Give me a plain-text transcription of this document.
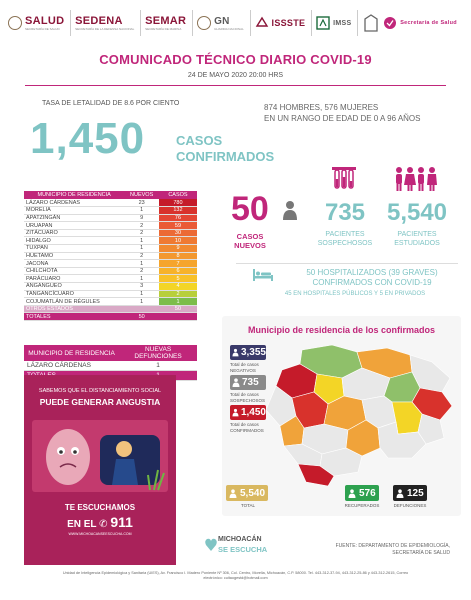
SALUD
SECRETARÍA DE SALUD
SEDENA
SECRETARÍA DE LA DEFENSA NACIONAL
SEMAR
SECRETARÍA DE MARINA
GN
GUARDIA NACIONAL
ISSSTE	IMSS	Secretaría de Salud
COMUNICADO TÉCNICO DIARIO COVID-19
24 DE MAYO 2020 20:00 HRS
TASA DE LETALIDAD DE 8.6 POR CIENTO
1,450 CASOS
CONFIRMADOS
874 HOMBRES, 576 MUJERES
EN UN RANGO DE EDAD DE 0 A 96 AÑOS
MUNICIPIO DE RESIDENCIA	NUEVOS	CASOS
LÁZARO CÁRDENAS	23	780
MORELIA	1	132
APATZINGÁN	9	76
URUAPAN	2	59
ZITÁCUARO	2	30
HIDALGO	1	10
TUXPAN	1	9
HUETAMO	2	8
JACONA	1	7
CHILCHOTA	2	6
PARÁCUARO	1	5
ANGANGUEO	3	4
TANGANCÍCUARO	1	2
COJUMATLÁN DE RÉGULES	1	1
OTROS ESTADOS		50
TOTALES	50	
MUNICIPIO DE RESIDENCIA	NUEVAS DEFUNCIONES
LÁZARO CÁRDENAS	1

50
CASOS
NUEVOS
735
PACIENTES
SOSPECHOSOS
5,540
PACIENTES
ESTUDIADOS
50 HOSPITALIZADOS (39 GRAVES)
CONFIRMADOS CON COVID-19
45 EN HOSPITALES PÚBLICOS Y 5 EN PRIVADOS
Municipio de residencia de los confirmados
3,355
Total de casos
NEGATIVOS
735
Total de casos
SOSPECHOSOS
1,450
Total de casos
CONFIRMADOS
5,540
TOTAL
576
RECUPERADOS
125
DEFUNCIONES
SABEMOS QUE EL DISTANCIAMIENTO SOCIAL
PUEDE GENERAR ANGUSTIA
TE ESCUCHAMOS
EN EL ✆ 911
WWW.MICHOACANSEESCUCHA.COM
MICHOACÁN
SE ESCUCHA	FUENTE: DEPARTAMENTO DE EPIDEMIOLOGÍA,
SECRETARÍA DE SALUD
Unidad de Inteligencia Epidemiológica y Sanitaria (UIES), Av. Francisco I. Madero Poniente Nº 306, Col. Centro, Morelia, Michoacán, C.P. 58000. Tel. 443-312-37-94, 443-312-25-86 y 443-312-2615, Correo
electrónico: cuitaogestd@hotmail.com
